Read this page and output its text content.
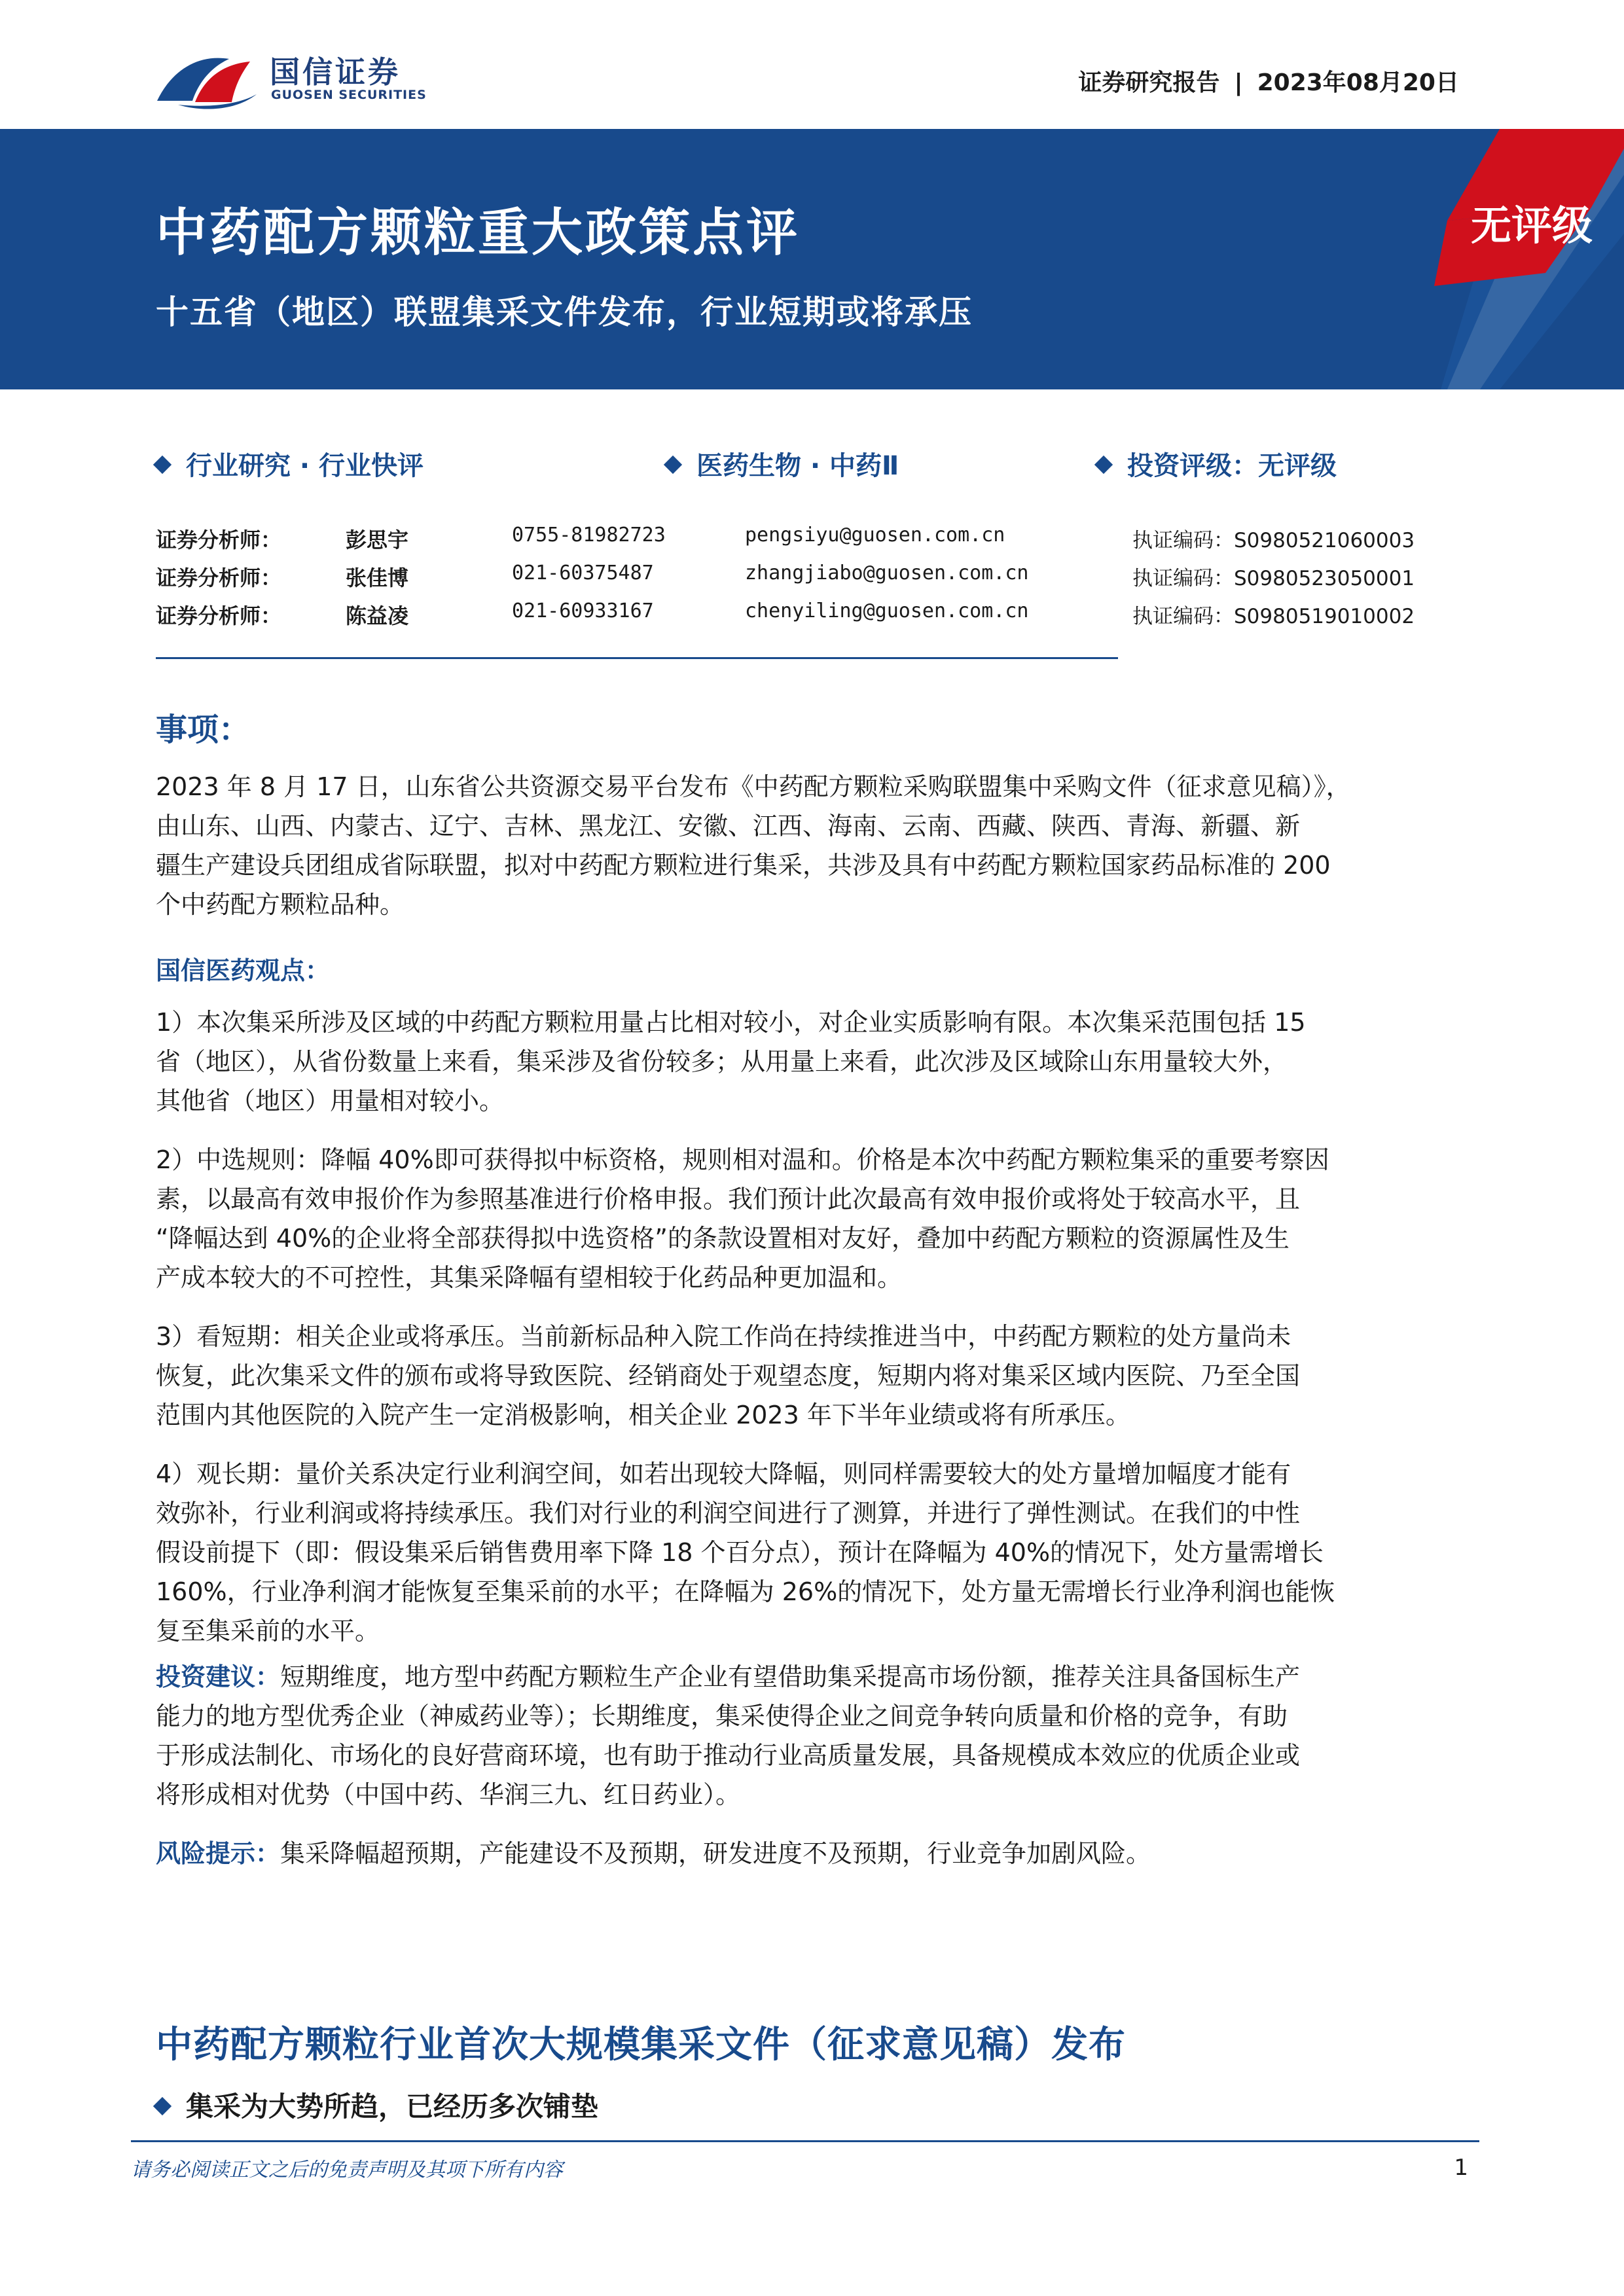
国信证券
GUOSEN SECURITIES	证券研究报告 | 2023年08月20日
中药配方颗粒重大政策点评
十五省（地区）联盟集采文件发布，行业短期或将承压
无评级
行业研究 · 行业快评	医药生物 · 中药Ⅱ	投资评级：无评级
证券分析师：	彭思宇	0755-81982723	pengsiyu@guosen.com.cn	执证编码：S0980521060003
证券分析师：	张佳博	021-60375487	zhangjiabo@guosen.com.cn	执证编码：S0980523050001
证券分析师：	陈益凌	021-60933167	chenyiling@guosen.com.cn	执证编码：S0980519010002
事项：
2023 年 8 月 17 日，山东省公共资源交易平台发布《中药配方颗粒采购联盟集中采购文件（征求意见稿）》，
由山东、山西、内蒙古、辽宁、吉林、黑龙江、安徽、江西、海南、云南、西藏、陕西、青海、新疆、新
疆生产建设兵团组成省际联盟，拟对中药配方颗粒进行集采，共涉及具有中药配方颗粒国家药品标准的 200
个中药配方颗粒品种。
国信医药观点：
1）本次集采所涉及区域的中药配方颗粒用量占比相对较小，对企业实质影响有限。本次集采范围包括 15
省（地区），从省份数量上来看，集采涉及省份较多；从用量上来看，此次涉及区域除山东用量较大外，
其他省（地区）用量相对较小。
2）中选规则：降幅 40%即可获得拟中标资格，规则相对温和。价格是本次中药配方颗粒集采的重要考察因
素，以最高有效申报价作为参照基准进行价格申报。我们预计此次最高有效申报价或将处于较高水平，且
“降幅达到 40%的企业将全部获得拟中选资格”的条款设置相对友好，叠加中药配方颗粒的资源属性及生
产成本较大的不可控性，其集采降幅有望相较于化药品种更加温和。
3）看短期：相关企业或将承压。当前新标品种入院工作尚在持续推进当中，中药配方颗粒的处方量尚未
恢复，此次集采文件的颁布或将导致医院、经销商处于观望态度，短期内将对集采区域内医院、乃至全国
范围内其他医院的入院产生一定消极影响，相关企业 2023 年下半年业绩或将有所承压。
4）观长期：量价关系决定行业利润空间，如若出现较大降幅，则同样需要较大的处方量增加幅度才能有
效弥补，行业利润或将持续承压。我们对行业的利润空间进行了测算，并进行了弹性测试。在我们的中性
假设前提下（即：假设集采后销售费用率下降 18 个百分点），预计在降幅为 40%的情况下，处方量需增长
160%，行业净利润才能恢复至集采前的水平；在降幅为 26%的情况下，处方量无需增长行业净利润也能恢
复至集采前的水平。
投资建议：短期维度，地方型中药配方颗粒生产企业有望借助集采提高市场份额，推荐关注具备国标生产
能力的地方型优秀企业（神威药业等）；长期维度，集采使得企业之间竞争转向质量和价格的竞争，有助
于形成法制化、市场化的良好营商环境，也有助于推动行业高质量发展，具备规模成本效应的优质企业或
将形成相对优势（中国中药、华润三九、红日药业）。
风险提示：集采降幅超预期，产能建设不及预期，研发进度不及预期，行业竞争加剧风险。
中药配方颗粒行业首次大规模集采文件（征求意见稿）发布
集采为大势所趋，已经历多次铺垫
请务必阅读正文之后的免责声明及其项下所有内容	1
